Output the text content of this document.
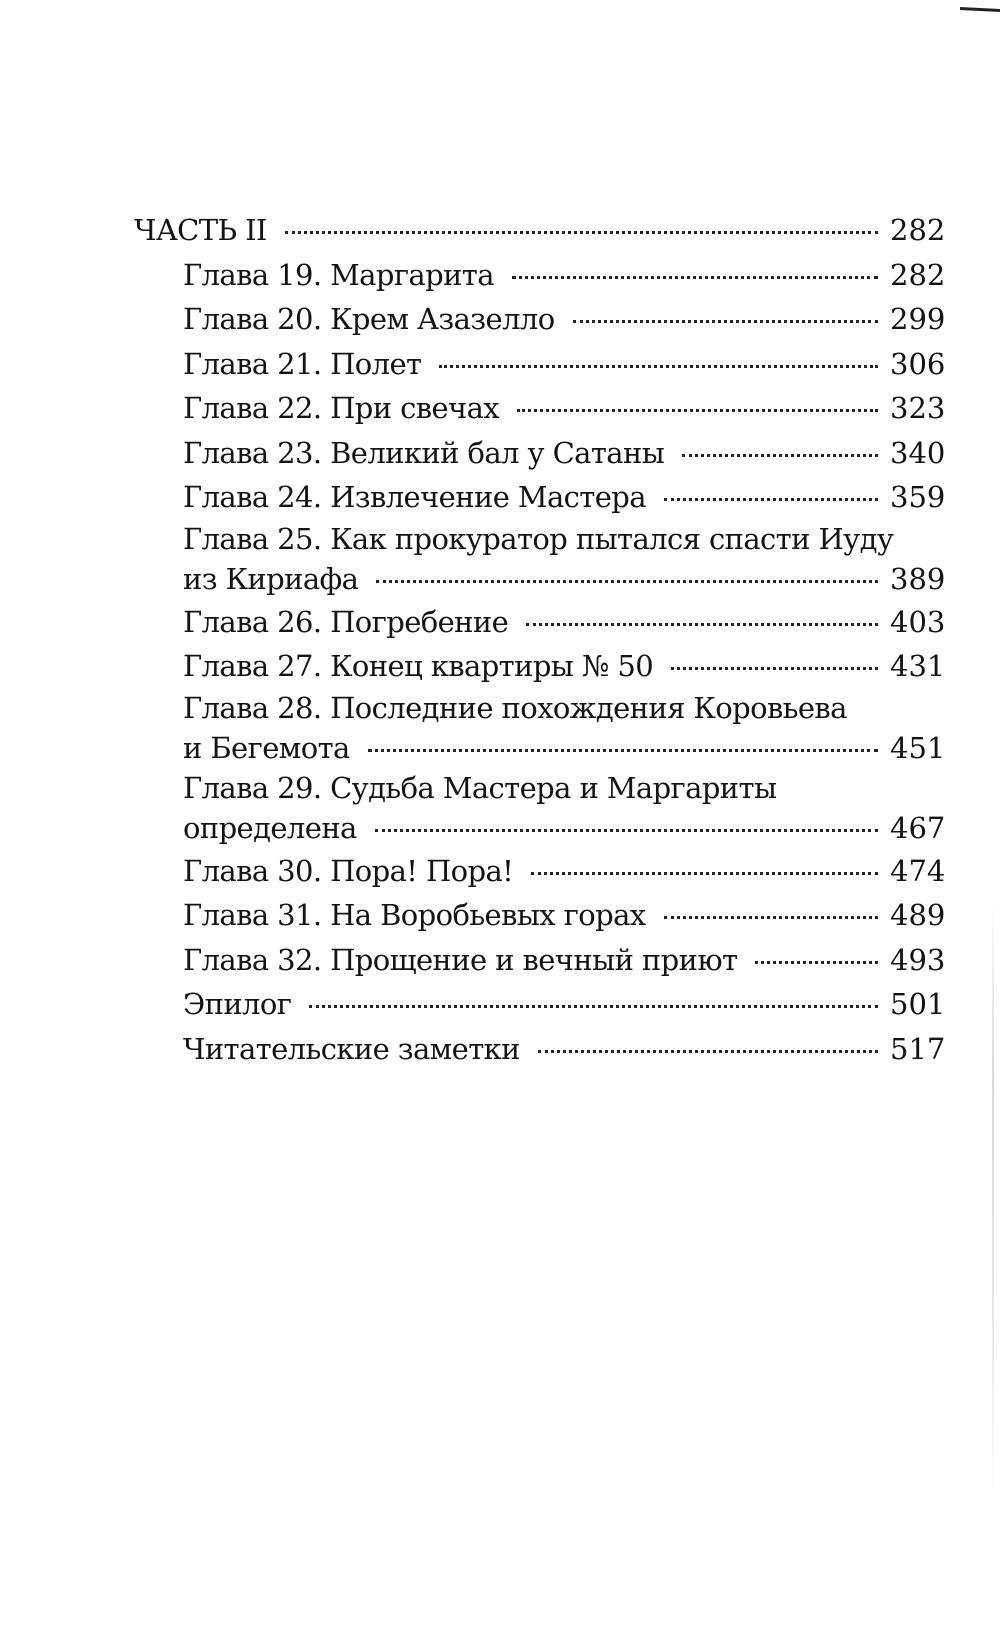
ЧАСТЬ II	282
Глава 19. Маргарита	282
Глава 20. Крем Азазелло	299
Глава 21. Полет	306
Глава 22. При свечах	323
Глава 23. Великий бал у Сатаны	340
Глава 24. Извлечение Мастера	359
Глава 25. Как прокуратор пытался спасти Иуду
из Кириафа	389
Глава 26. Погребение	403
Глава 27. Конец квартиры № 50	431
Глава 28. Последние похождения Коровьева
и Бегемота	451
Глава 29. Судьба Мастера и Маргариты
определена	467
Глава 30. Пора! Пора!	474
Глава 31. На Воробьевых горах	489
Глава 32. Прощение и вечный приют	493
Эпилог	501
Читательские заметки	517
